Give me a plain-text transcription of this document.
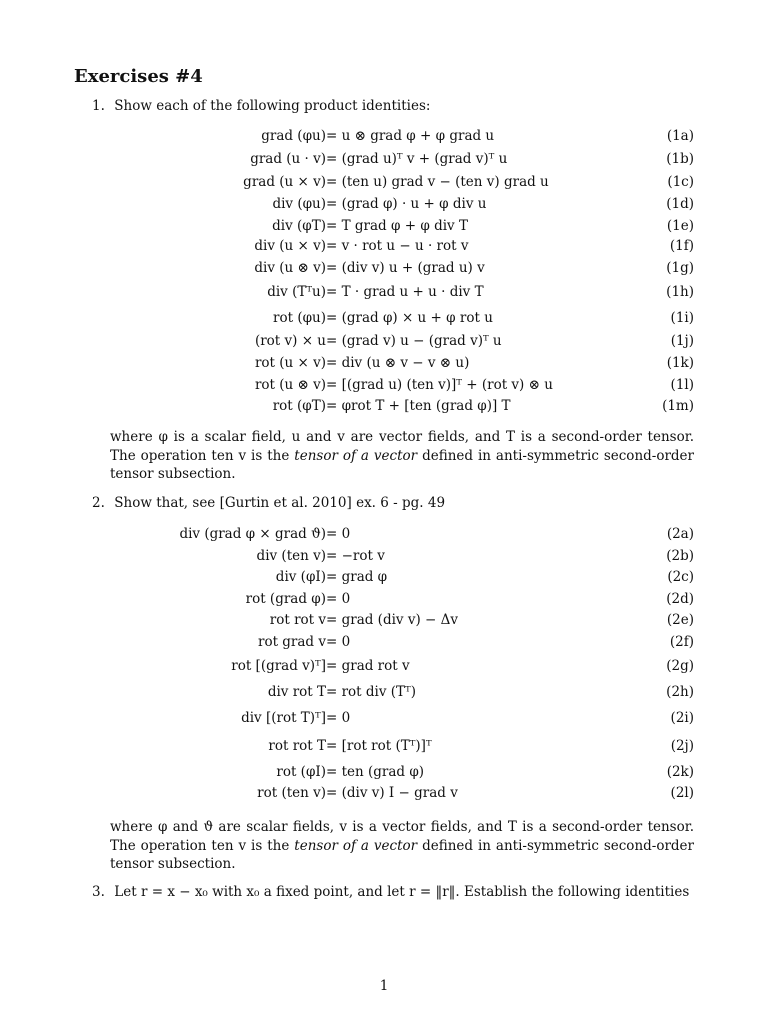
Exercises #4
1. Show each of the following product identities:
grad (φu) = u ⊗ grad φ + φ grad u	(1a)
grad (u · v) = (grad u)ᵀ v + (grad v)ᵀ u	(1b)
grad (u × v) = (ten u) grad v − (ten v) grad u	(1c)
div (φu) = (grad φ) · u + φ div u	(1d)
div (φT) = T grad φ + φ div T	(1e)
div (u × v) = v · rot u − u · rot v	(1f)
div (u ⊗ v) = (div v) u + (grad u) v	(1g)
div (Tᵀu) = T · grad u + u · div T	(1h)
rot (φu) = (grad φ) × u + φ rot u	(1i)
(rot v) × u = (grad v) u − (grad v)ᵀ u	(1j)
rot (u × v) = div (u ⊗ v − v ⊗ u)	(1k)
rot (u ⊗ v) = [(grad u) (ten v)]ᵀ + (rot v) ⊗ u	(1l)
rot (φT) = φrot T + [ten (grad φ)] T	(1m)
where φ is a scalar field, u and v are vector fields, and T is a second-order tensor. The operation ten v is the tensor of a vector defined in anti-symmetric second-order tensor subsection.
2. Show that, see [Gurtin et al. 2010] ex. 6 - pg. 49
div (grad φ × grad ϑ) = 0	(2a)
div (ten v) = −rot v	(2b)
div (φI) = grad φ	(2c)
rot (grad φ) = 0	(2d)
rot rot v = grad (div v) − Δv	(2e)
rot grad v = 0	(2f)
rot [(grad v)ᵀ] = grad rot v	(2g)
div rot T = rot div (Tᵀ)	(2h)
div [(rot T)ᵀ] = 0	(2i)
rot rot T = [rot rot (Tᵀ)]ᵀ	(2j)
rot (φI) = ten (grad φ)	(2k)
rot (ten v) = (div v) I − grad v	(2l)
where φ and ϑ are scalar fields, v is a vector fields, and T is a second-order tensor. The operation ten v is the tensor of a vector defined in anti-symmetric second-order tensor subsection.
3. Let r = x − x₀ with x₀ a fixed point, and let r = ‖r‖. Establish the following identities
1
